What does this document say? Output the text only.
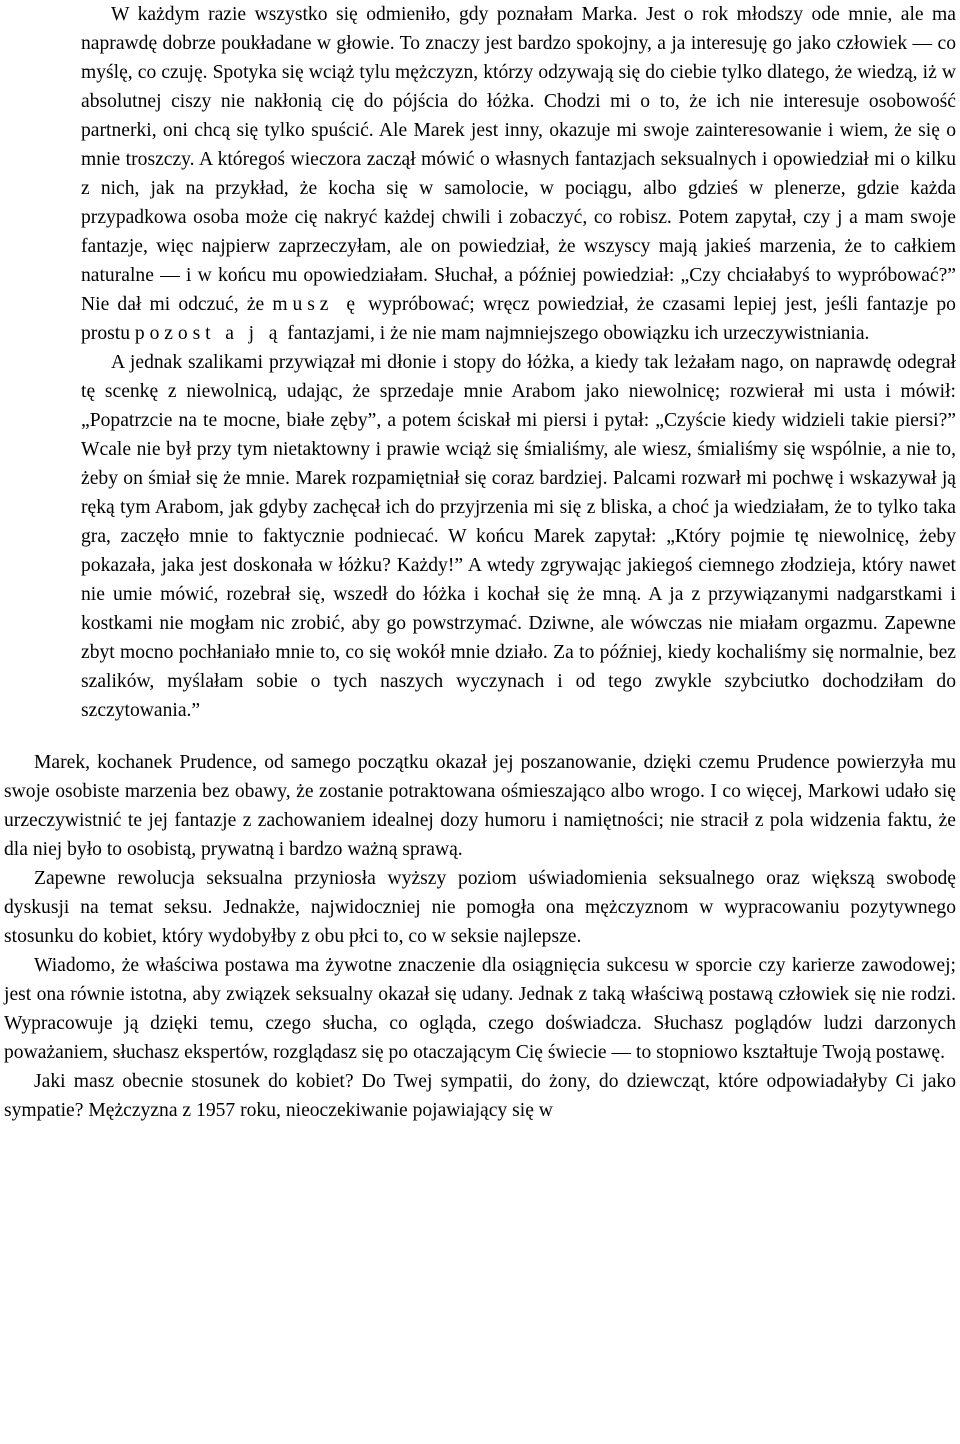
W każdym razie wszystko się odmieniło, gdy poznałam Marka. Jest o rok młodszy ode mnie, ale ma naprawdę dobrze poukładane w głowie. To znaczy jest bardzo spokojny, a ja interesuję go jako człowiek — co myślę, co czuję. Spotyka się wciąż tylu mężczyzn, którzy odzywają się do ciebie tylko dlatego, że wiedzą, iż w absolutnej ciszy nie nakłonią cię do pójścia do łóżka. Chodzi mi o to, że ich nie interesuje osobowość partnerki, oni chcą się tylko spuścić. Ale Marek jest inny, okazuje mi swoje zainteresowanie i wiem, że się o mnie troszczy. A któregoś wieczora zaczął mówić o własnych fantazjach seksualnych i opowiedział mi o kilku z nich, jak na przykład, że kocha się w samolocie, w pociągu, albo gdzieś w plenerze, gdzie każda przypadkowa osoba może cię nakryć każdej chwili i zobaczyć, co robisz. Potem zapytał, czy j a mam swoje fantazje, więc najpierw zaprzeczyłam, ale on powiedział, że wszyscy mają jakieś marzenia, że to całkiem naturalne — i w końcu mu opowiedziałam. Słuchał, a później powiedział: „Czy chciałabyś to wypróbować?” Nie dał mi odczuć, że musz ę wypróbować; wręcz powiedział, że czasami lepiej jest, jeśli fantazje po prostu pozost a j ą fantazjami, i że nie mam najmniejszego obowiązku ich urzeczywistniania.

A jednak szalikami przywiązał mi dłonie i stopy do łóżka, a kiedy tak leżałam nago, on naprawdę odegrał tę scenkę z niewolnicą, udając, że sprzedaje mnie Arabom jako niewolnicę; rozwierał mi usta i mówił: „Popatrzcie na te mocne, białe zęby”, a potem ściskał mi piersi i pytał: „Czyście kiedy widzieli takie piersi?” Wcale nie był przy tym nietaktowny i prawie wciąż się śmialiśmy, ale wiesz, śmialiśmy się wspólnie, a nie to, żeby on śmiał się że mnie. Marek rozpamiętniał się coraz bardziej. Palcami rozwarł mi pochwę i wskazywał ją ręką tym Arabom, jak gdyby zachęcał ich do przyjrzenia mi się z bliska, a choć ja wiedziałam, że to tylko taka gra, zaczęło mnie to faktycznie podniecać. W końcu Marek zapytał: „Który pojmie tę niewolnicę, żeby pokazała, jaka jest doskonała w łóżku? Każdy!” A wtedy zgrywając jakiegoś ciemnego złodzieja, który nawet nie umie mówić, rozebrał się, wszedł do łóżka i kochał się że mną. A ja z przywiązanymi nadgarstkami i kostkami nie mogłam nic zrobić, aby go powstrzymać. Dziwne, ale wówczas nie miałam orgazmu. Zapewne zbyt mocno pochłaniało mnie to, co się wokół mnie działo. Za to później, kiedy kochaliśmy się normalnie, bez szalików, myślałam sobie o tych naszych wyczynach i od tego zwykle szybciutko dochodziłam do szczytowania.”

Marek, kochanek Prudence, od samego początku okazał jej poszanowanie, dzięki czemu Prudence powierzyła mu swoje osobiste marzenia bez obawy, że zostanie potraktowana ośmieszająco albo wrogo. I co więcej, Markowi udało się urzeczywistnić te jej fantazje z zachowaniem idealnej dozy humoru i namiętności; nie stracił z pola widzenia faktu, że dla niej było to osobistą, prywatną i bardzo ważną sprawą.

Zapewne rewolucja seksualna przyniosła wyższy poziom uświadomienia seksualnego oraz większą swobodę dyskusji na temat seksu. Jednakże, najwidoczniej nie pomogła ona mężczyznom w wypracowaniu pozytywnego stosunku do kobiet, który wydobyłby z obu płci to, co w seksie najlepsze.

Wiadomo, że właściwa postawa ma żywotne znaczenie dla osiągnięcia sukcesu w sporcie czy karierze zawodowej; jest ona równie istotna, aby związek seksualny okazał się udany. Jednak z taką właściwą postawą człowiek się nie rodzi. Wypracowuje ją dzięki temu, czego słucha, co ogląda, czego doświadcza. Słuchasz poglądów ludzi darzonych poważaniem, słuchasz ekspertów, rozglądasz się po otaczającym Cię świecie — to stopniowo kształtuje Twoją postawę.

Jaki masz obecnie stosunek do kobiet? Do Twej sympatii, do żony, do dziewcząt, które odpowiadałyby Ci jako sympatie? Mężczyzna z 1957 roku, nieoczekiwanie pojawiający się w
